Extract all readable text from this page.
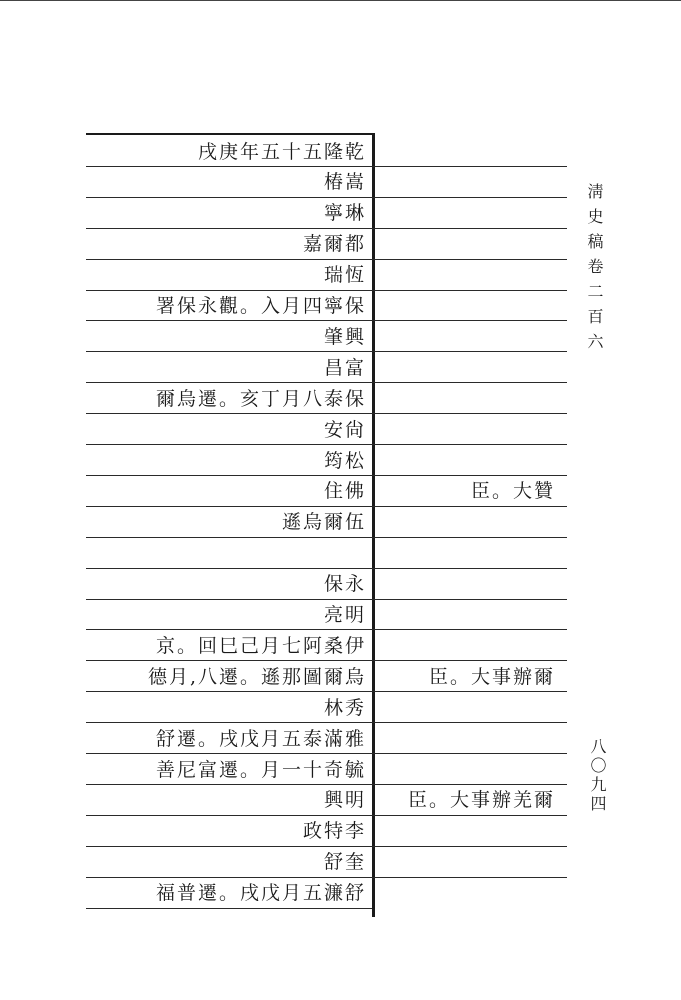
戌庚年五十五隆乾
椿嵩
寧琳
嘉爾都
瑞恆
署保永觀。入月四寧保
肇興
昌富
爾烏遷。亥丁月八泰保
安尙
筠松
住佛	臣。大贊
遜烏爾伍
保永
亮明
京。回巳己月七阿桑伊
德月,八遷。遜那圖爾烏	臣。大事辦爾
林秀
舒遷。戌戊月五泰滿雅
善尼富遷。月一十奇毓
興明	臣。大事辦羌爾
政特李
舒奎
福普遷。戌戊月五濂舒
淸史稿卷二百六
八〇九四
